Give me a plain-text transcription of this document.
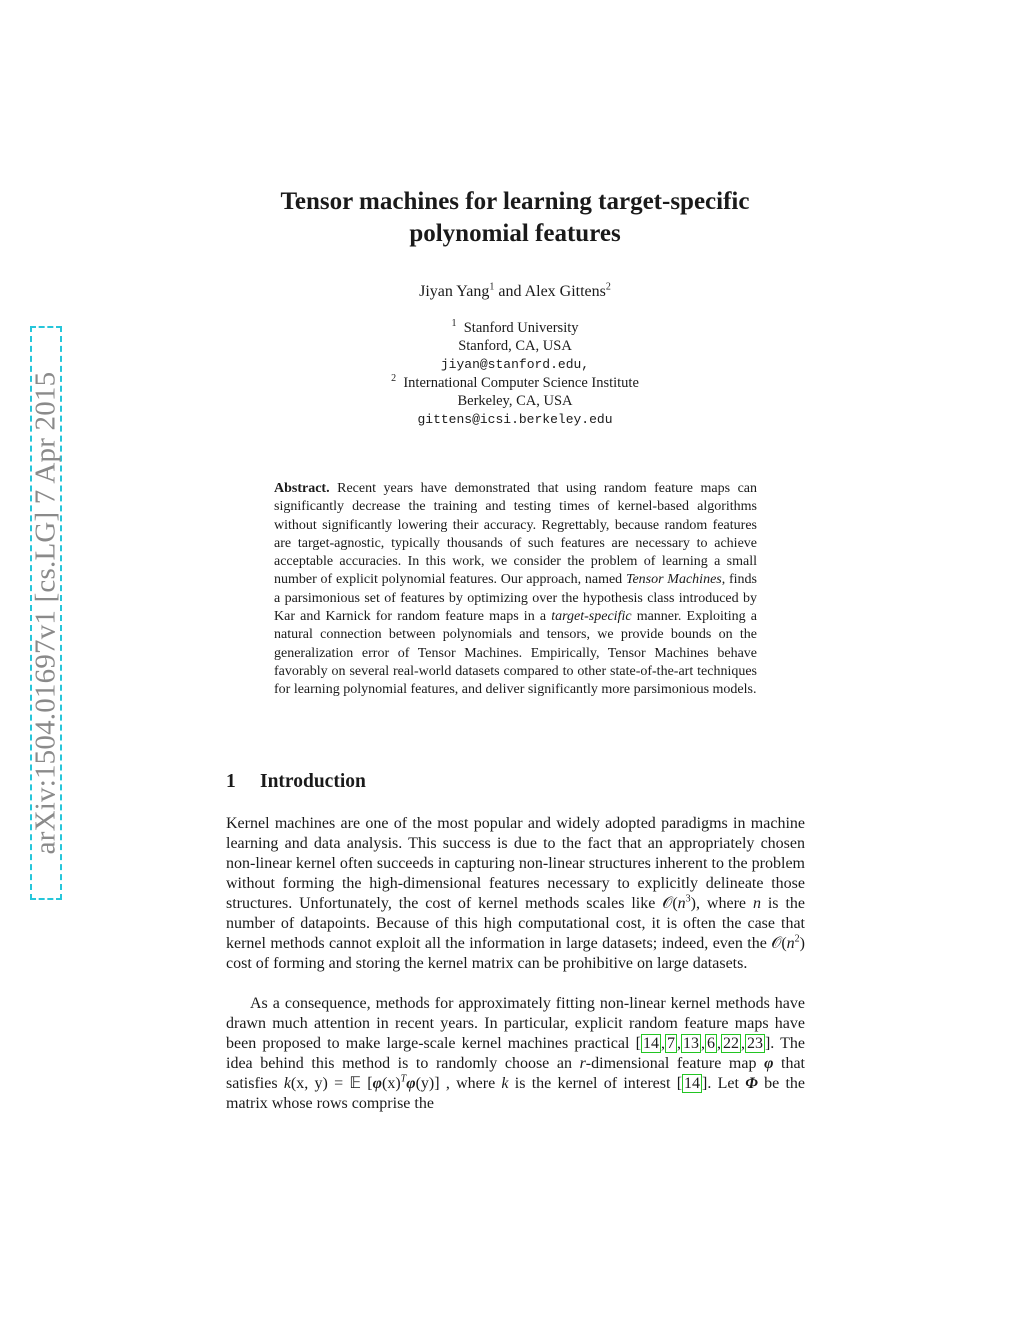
arXiv:1504.01697v1 [cs.LG] 7 Apr 2015
Tensor machines for learning target-specific
polynomial features
Jiyan Yang$^1$ and Alex Gittens$^2$
$^1$ Stanford University
Stanford, CA, USA
jiyan@stanford.edu,
$^2$ International Computer Science Institute
Berkeley, CA, USA
gittens@icsi.berkeley.edu
Abstract. Recent years have demonstrated that using random feature maps can significantly decrease the training and testing times of kernel-based algorithms without significantly lowering their accuracy. Regrettably, because random features are target-agnostic, typically thousands of such features are necessary to achieve acceptable accuracies. In this work, we consider the problem of learning a small number of explicit polynomial features. Our approach, named Tensor Machines, finds a parsimonious set of features by optimizing over the hypothesis class introduced by Kar and Karnick for random feature maps in a target-specific manner. Exploiting a natural connection between polynomials and tensors, we provide bounds on the generalization error of Tensor Machines. Empirically, Tensor Machines behave favorably on several real-world datasets compared to other state-of-the-art techniques for learning polynomial features, and deliver significantly more parsimonious models.
1 Introduction
Kernel machines are one of the most popular and widely adopted paradigms in machine learning and data analysis. This success is due to the fact that an appropriately chosen non-linear kernel often succeeds in capturing non-linear structures inherent to the problem without forming the high-dimensional features necessary to explicitly delineate those structures. Unfortunately, the cost of kernel methods scales like $𝒪(n^3)$, where n is the number of datapoints. Because of this high computational cost, it is often the case that kernel methods cannot exploit all the information in large datasets; indeed, even the $𝒪(n^2)$ cost of forming and storing the kernel matrix can be prohibitive on large datasets.
As a consequence, methods for approximately fitting non-linear kernel methods have drawn much attention in recent years. In particular, explicit random feature maps have been proposed to make large-scale kernel machines practical [ 14 , 7 , 13 , 6 , 22 , 23 ]. The idea behind this method is to randomly choose an r-dimensional feature map φ that satisfies k(x, y) = 𝔼 $[\varphi(x)^T\varphi(y)]$ , where k is the kernel of interest [ 14 ]. Let Φ be the matrix whose rows comprise the
